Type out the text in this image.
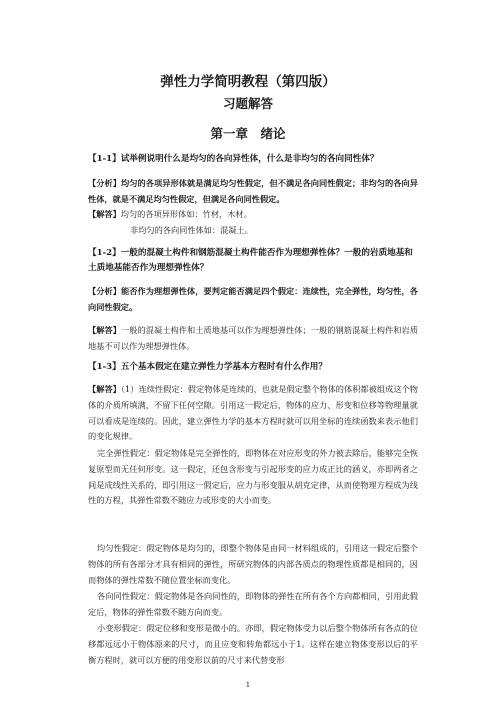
弹性力学简明教程（第四版）
习题解答
第一章　绪论
【1-1】试举例说明什么是均匀的各向异性体，什么是非均匀的各向同性体？
【分析】均匀的各项异形体就是满足均匀性假定，但不满足各向同性假定；非均匀的各向异性体，就是不满足均匀性假定，但满足各向同性假定。
【解答】均匀的各项异形体如：竹材，木材。
非均匀的各向同性体如：混凝土。
【1-2】一般的混凝土构件和钢筋混凝土构件能否作为理想弹性体？一般的岩质地基和土质地基能否作为理想弹性体？
【分析】能否作为理想弹性体，要判定能否满足四个假定：连续性，完全弹性，均匀性，各向同性假定。
【解答】一般的混凝土构件和土质地基可以作为理想弹性体；一般的钢筋混凝土构件和岩质地基不可以作为理想弹性体。
【1-3】五个基本假定在建立弹性力学基本方程时有什么作用？
【解答】（1）连续性假定：假定物体是连续的，也就是假定整个物体的体积都被组成这个物体的介质所填满，不留下任何空隙。引用这一假定后，物体的应力、形变和位移等物理量就可以看成是连续的。因此，建立弹性力学的基本方程时就可以用坐标的连续函数来表示他们的变化规律。
完全弹性假定：假定物体是完全弹性的，即物体在对应形变的外力被去除后，能够完全恢复原型而无任何形变。这一假定，还包含形变与引起形变的应力成正比的涵义，亦即两者之间是成线性关系的，即引用这一假定后，应力与形变服从胡克定律，从而使物理方程成为线性的方程，其弹性常数不随应力或形变的大小而变。
均匀性假定：假定物体是均匀的，即整个物体是由同一材料组成的，引用这一假定后整个物体的所有各部分才具有相同的弹性，所研究物体的内部各质点的物理性质都是相同的，因而物体的弹性常数不随位置坐标而变化。
各向同性假定：假定物体是各向同性的，即物体的弹性在所有各个方向都相同，引用此假定后，物体的弹性常数不随方向而变。
小变形假定：假定位移和变形是微小的。亦即，假定物体受力以后整个物体所有各点的位移都远远小于物体原来的尺寸，而且应变和转角都远小于1。这样在建立物体变形以后的平衡方程时，就可以方便的用变形以前的尺寸来代替变形
1
